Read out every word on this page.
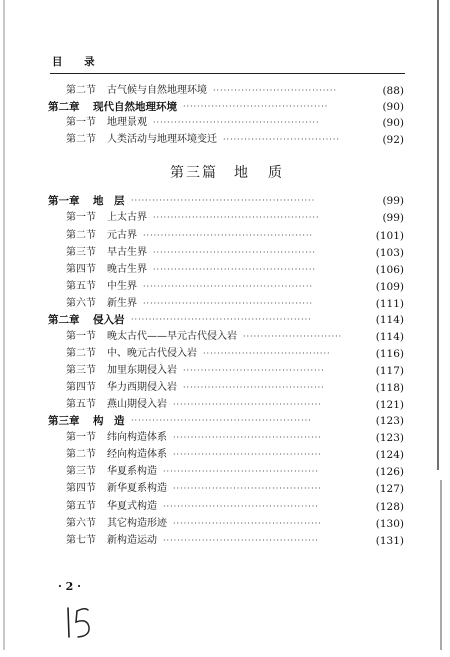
目 录
第三篇 地 质
第二节 古气候与自然地理环境 ···································	(88)
第二章 现代自然地理环境 ·········································	(90)
第一节 地理景观 ···············································	(90)
第二节 人类活动与地理环境变迁 ·································	(92)
第一章 地　层 ····················································	(99)
第一节 上太古界 ···············································	(99)
第二节 元古界 ················································	(101)
第三节 早古生界 ··············································	(103)
第四节 晚古生界 ··············································	(106)
第五节 中生界 ················································	(109)
第六节 新生界 ················································	(111)
第二章 侵入岩 ···················································	(114)
第一节 晚太古代——早元古代侵入岩 ····························	(114)
第二节 中、晚元古代侵入岩 ····································	(116)
第三节 加里东期侵入岩 ········································	(117)
第四节 华力西期侵入岩 ········································	(118)
第五节 燕山期侵入岩 ··········································	(121)
第三章 构　造 ···················································	(123)
第一节 纬向构造体系 ··········································	(123)
第二节 经向构造体系 ··········································	(124)
第三节 华夏系构造 ············································	(126)
第四节 新华夏系构造 ··········································	(127)
第五节 华夏式构造 ············································	(128)
第六节 其它构造形迹 ··········································	(130)
第七节 新构造运动 ············································	(131)
· 2 ·
